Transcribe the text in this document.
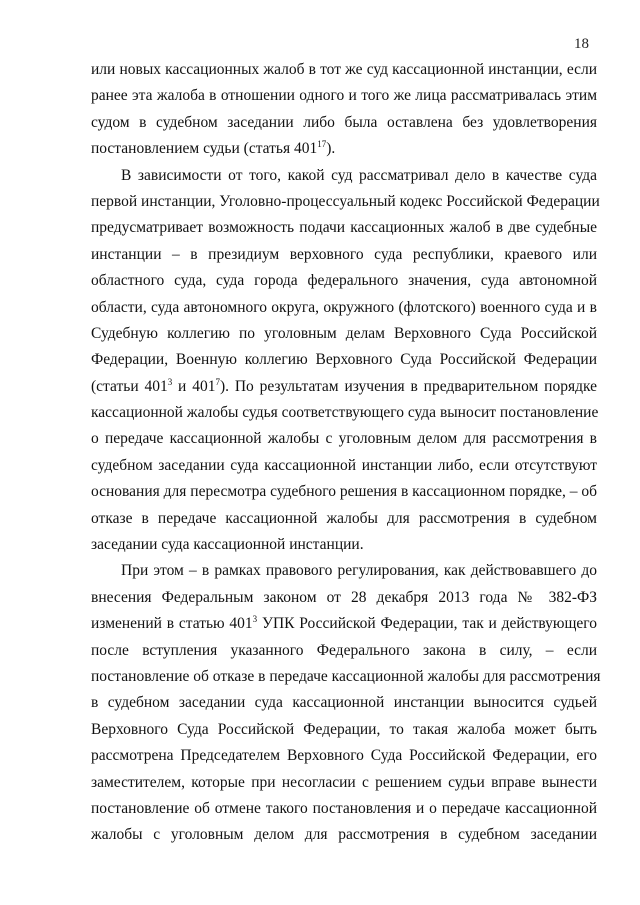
18
или новых кассационных жалоб в тот же суд кассационной инстанции, если
ранее эта жалоба в отношении одного и того же лица рассматривалась этим
судом в судебном заседании либо была оставлена без удовлетворения
постановлением судьи (статья $401^{17}$).
В зависимости от того, какой суд рассматривал дело в качестве суда
первой инстанции, Уголовно-процессуальный кодекс Российской Федерации
предусматривает возможность подачи кассационных жалоб в две судебные
инстанции – в президиум верховного суда республики, краевого или
областного суда, суда города федерального значения, суда автономной
области, суда автономного округа, окружного (флотского) военного суда и в
Судебную коллегию по уголовным делам Верховного Суда Российской
Федерации, Военную коллегию Верховного Суда Российской Федерации
(статьи $401^3$ и $401^7$). По результатам изучения в предварительном порядке
кассационной жалобы судья соответствующего суда выносит постановление
о передаче кассационной жалобы с уголовным делом для рассмотрения в
судебном заседании суда кассационной инстанции либо, если отсутствуют
основания для пересмотра судебного решения в кассационном порядке, – об
отказе в передаче кассационной жалобы для рассмотрения в судебном
заседании суда кассационной инстанции.
При этом – в рамках правового регулирования, как действовавшего до
внесения Федеральным законом от 28 декабря 2013 года № 382-ФЗ
изменений в статью $401^3$ УПК Российской Федерации, так и действующего
после вступления указанного Федерального закона в силу, – если
постановление об отказе в передаче кассационной жалобы для рассмотрения
в судебном заседании суда кассационной инстанции выносится судьей
Верховного Суда Российской Федерации, то такая жалоба может быть
рассмотрена Председателем Верховного Суда Российской Федерации, его
заместителем, которые при несогласии с решением судьи вправе вынести
постановление об отмене такого постановления и о передаче кассационной
жалобы с уголовным делом для рассмотрения в судебном заседании
